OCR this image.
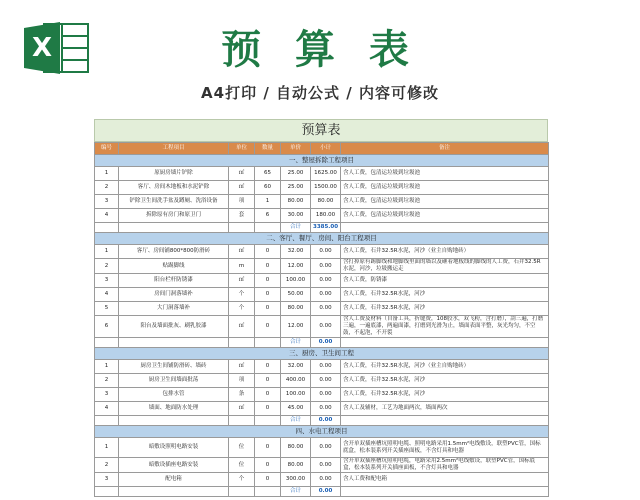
X	预 算 表
A4打印 / 自动公式 / 内容可修改
预算表
编号	工程项目	单位	数量	单价	小计	备注
一、整屋拆除工程项目						
1	原厨房墙片铲除	㎡	65	25.00	1625.00	含人工费，包清运垃圾到垃圾池
2	客厅、房间木地板和水泥铲除	㎡	60	25.00	1500.00	含人工费，包清运垃圾到垃圾池
3	铲除卫生间洗手盆及蹲厕、洗浴设备	项	1	80.00	80.00	含人工费，包清运垃圾到垃圾池
4	拆除原有房门和原卫门	套	6	30.00	180.00	含人工费，包清运垃圾到垃圾池
				合计	3385.00	
二、客厅、餐厅、房间、阳台工程项目						
1	客厅、房间铺800*800防滑砖	㎡	0	32.00	0.00	含人工费，石井32.5R水泥，河沙（业主自购地砖）
2	贴踢脚线	m	0	12.00	0.00	含打掉原有踢脚线和地脚线里面的墙以及砸着地板线的脚线的人工费，石井32.5R水泥，河沙，垃圾搬运走
3	阳台栏杆防锈漆	㎡	0	100.00	0.00	含人工费，防锈漆
4	房间门洞落墙补	个	0	50.00	0.00	含人工费，石井32.5R水泥，河沙
5	大门洞落墙补	个	0	80.00	0.00	含人工费，石井32.5R水泥，河沙
6	阳台及墙面批灰、刷乳胶漆	㎡	0	12.00	0.00	含人工费及材料（自备工具，折缝费，108胶水，双飞粉，含打磨），刮三遍，打磨三遍，一遍底漆，两遍面漆，打磨到光滑为止，墙面表面平整，灰光均匀，不空鼓，不起泡，不开裂
				合计	0.00	
三、厨房、卫生间工程						
1	厨房卫生间铺防滑砖、墙砖	㎡	0	32.00	0.00	含人工费，石井32.5R水泥，河沙（业主自购地砖）
2	厨房卫生间墙面批荡	项	0	400.00	0.00	含人工费，石井32.5R水泥，河沙
3	包排水管	条	0	100.00	0.00	含人工费，石井32.5R水泥，河沙
4	墙面、地面防水处理	㎡	0	45.00	0.00	含人工及辅材，工艺为地面两次，墙面两次
				合计	0.00	
四、水电工程项目						
1	暗敷设照明电路安装	位	0	80.00	0.00	含开单双插座槽坑照明电缆、照明电路采用1.5mm²电线敷设，联塑PVC管，国标底盒，松本装系列开关插座面板，不含灯具和电器
2	暗敷设插座电路安装	位	0	80.00	0.00	含开单双插座槽坑照明电缆，电路采用2.5mm²电线敷设，联塑PVC管，国标底盒，松本装系列开关插座面板，不含灯具和电器
3	配电箱	个	0	300.00	0.00	含人工费和配电箱
				合计	0.00	
